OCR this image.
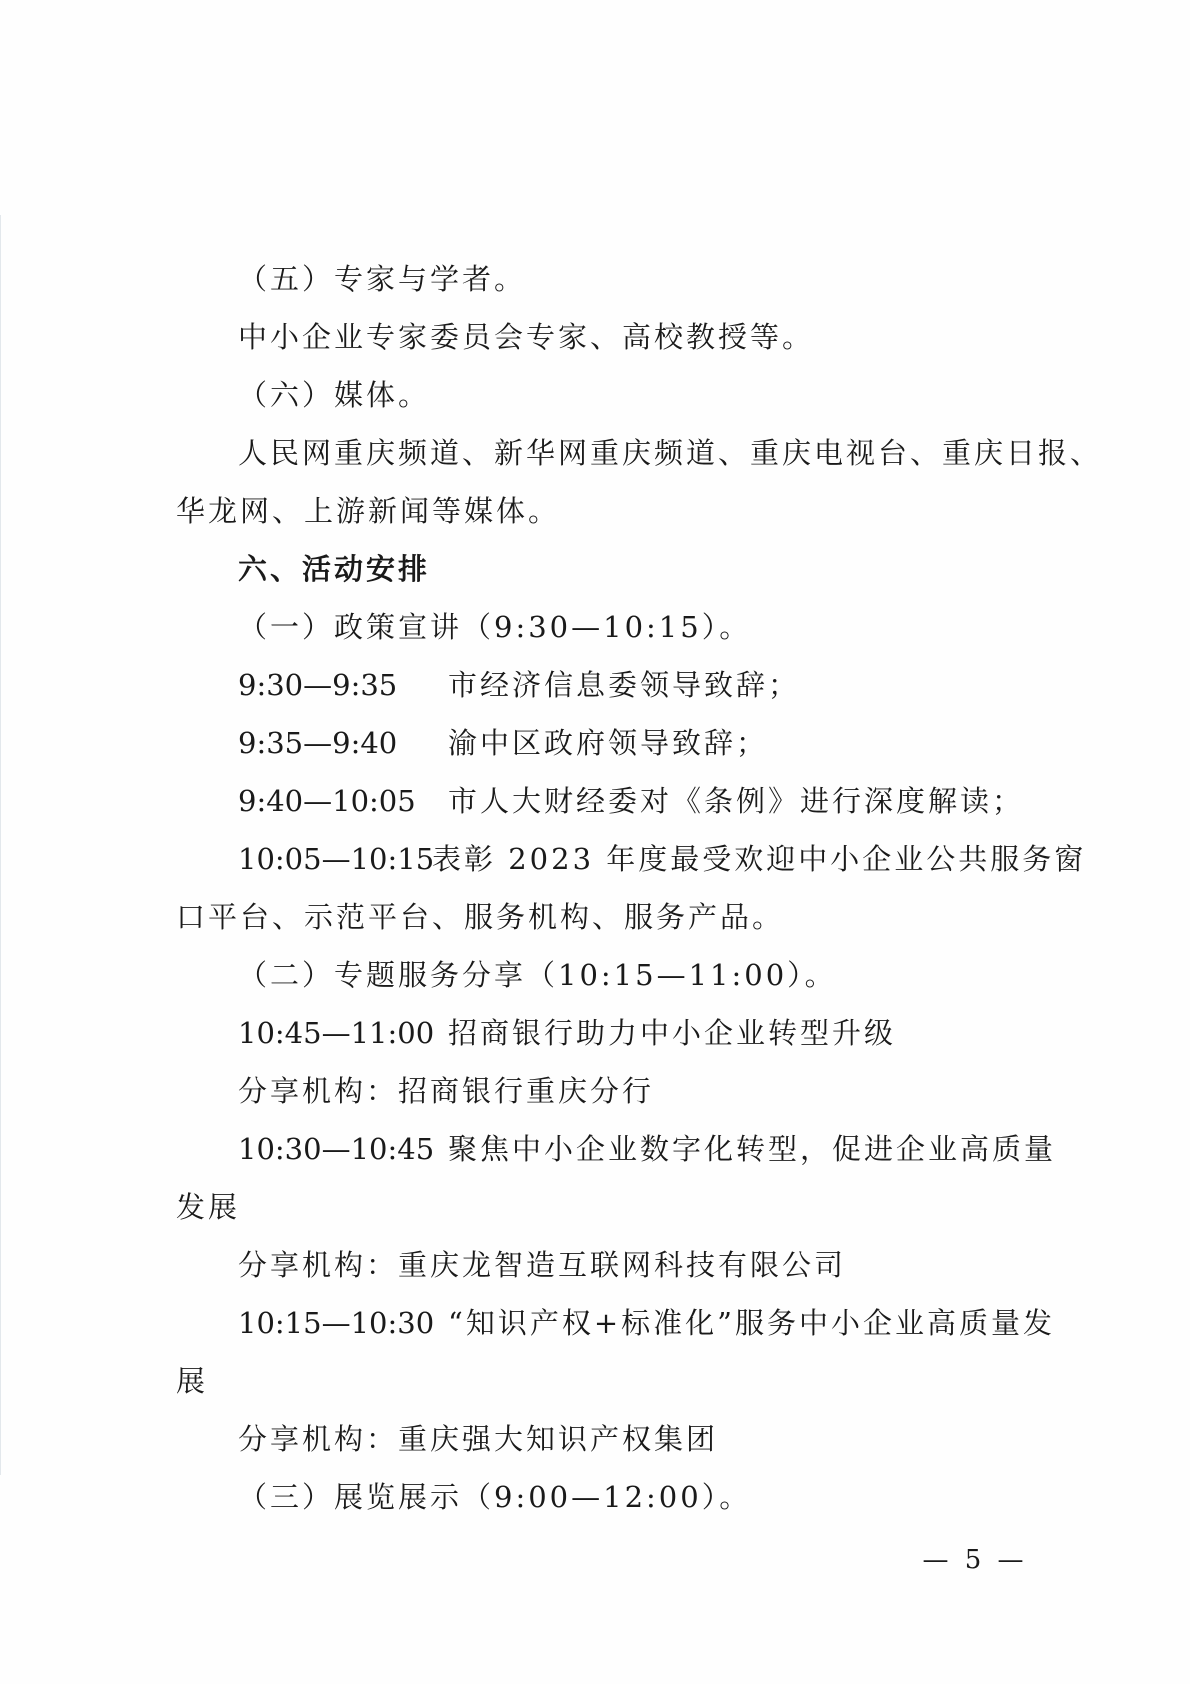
（五）专家与学者。
中小企业专家委员会专家、高校教授等。
（六）媒体。
人民网重庆频道、新华网重庆频道、重庆电视台、重庆日报、
华龙网、上游新闻等媒体。
六、活动安排
（一）政策宣讲（9:30—10:15）。
9:30—9:35 市经济信息委领导致辞；
9:35—9:40 渝中区政府领导致辞；
9:40—10:05 市人大财经委对《条例》进行深度解读；
10:05—10:15表彰 2023 年度最受欢迎中小企业公共服务窗
口平台、示范平台、服务机构、服务产品。
（二）专题服务分享（10:15—11:00）。
10:45—11:00 招商银行助力中小企业转型升级
分享机构：招商银行重庆分行
10:30—10:45 聚焦中小企业数字化转型，促进企业高质量
发展
分享机构：重庆龙智造互联网科技有限公司
10:15—10:30 “知识产权+标准化”服务中小企业高质量发
展
分享机构：重庆强大知识产权集团
（三）展览展示（9:00—12:00）。
— 5 —
